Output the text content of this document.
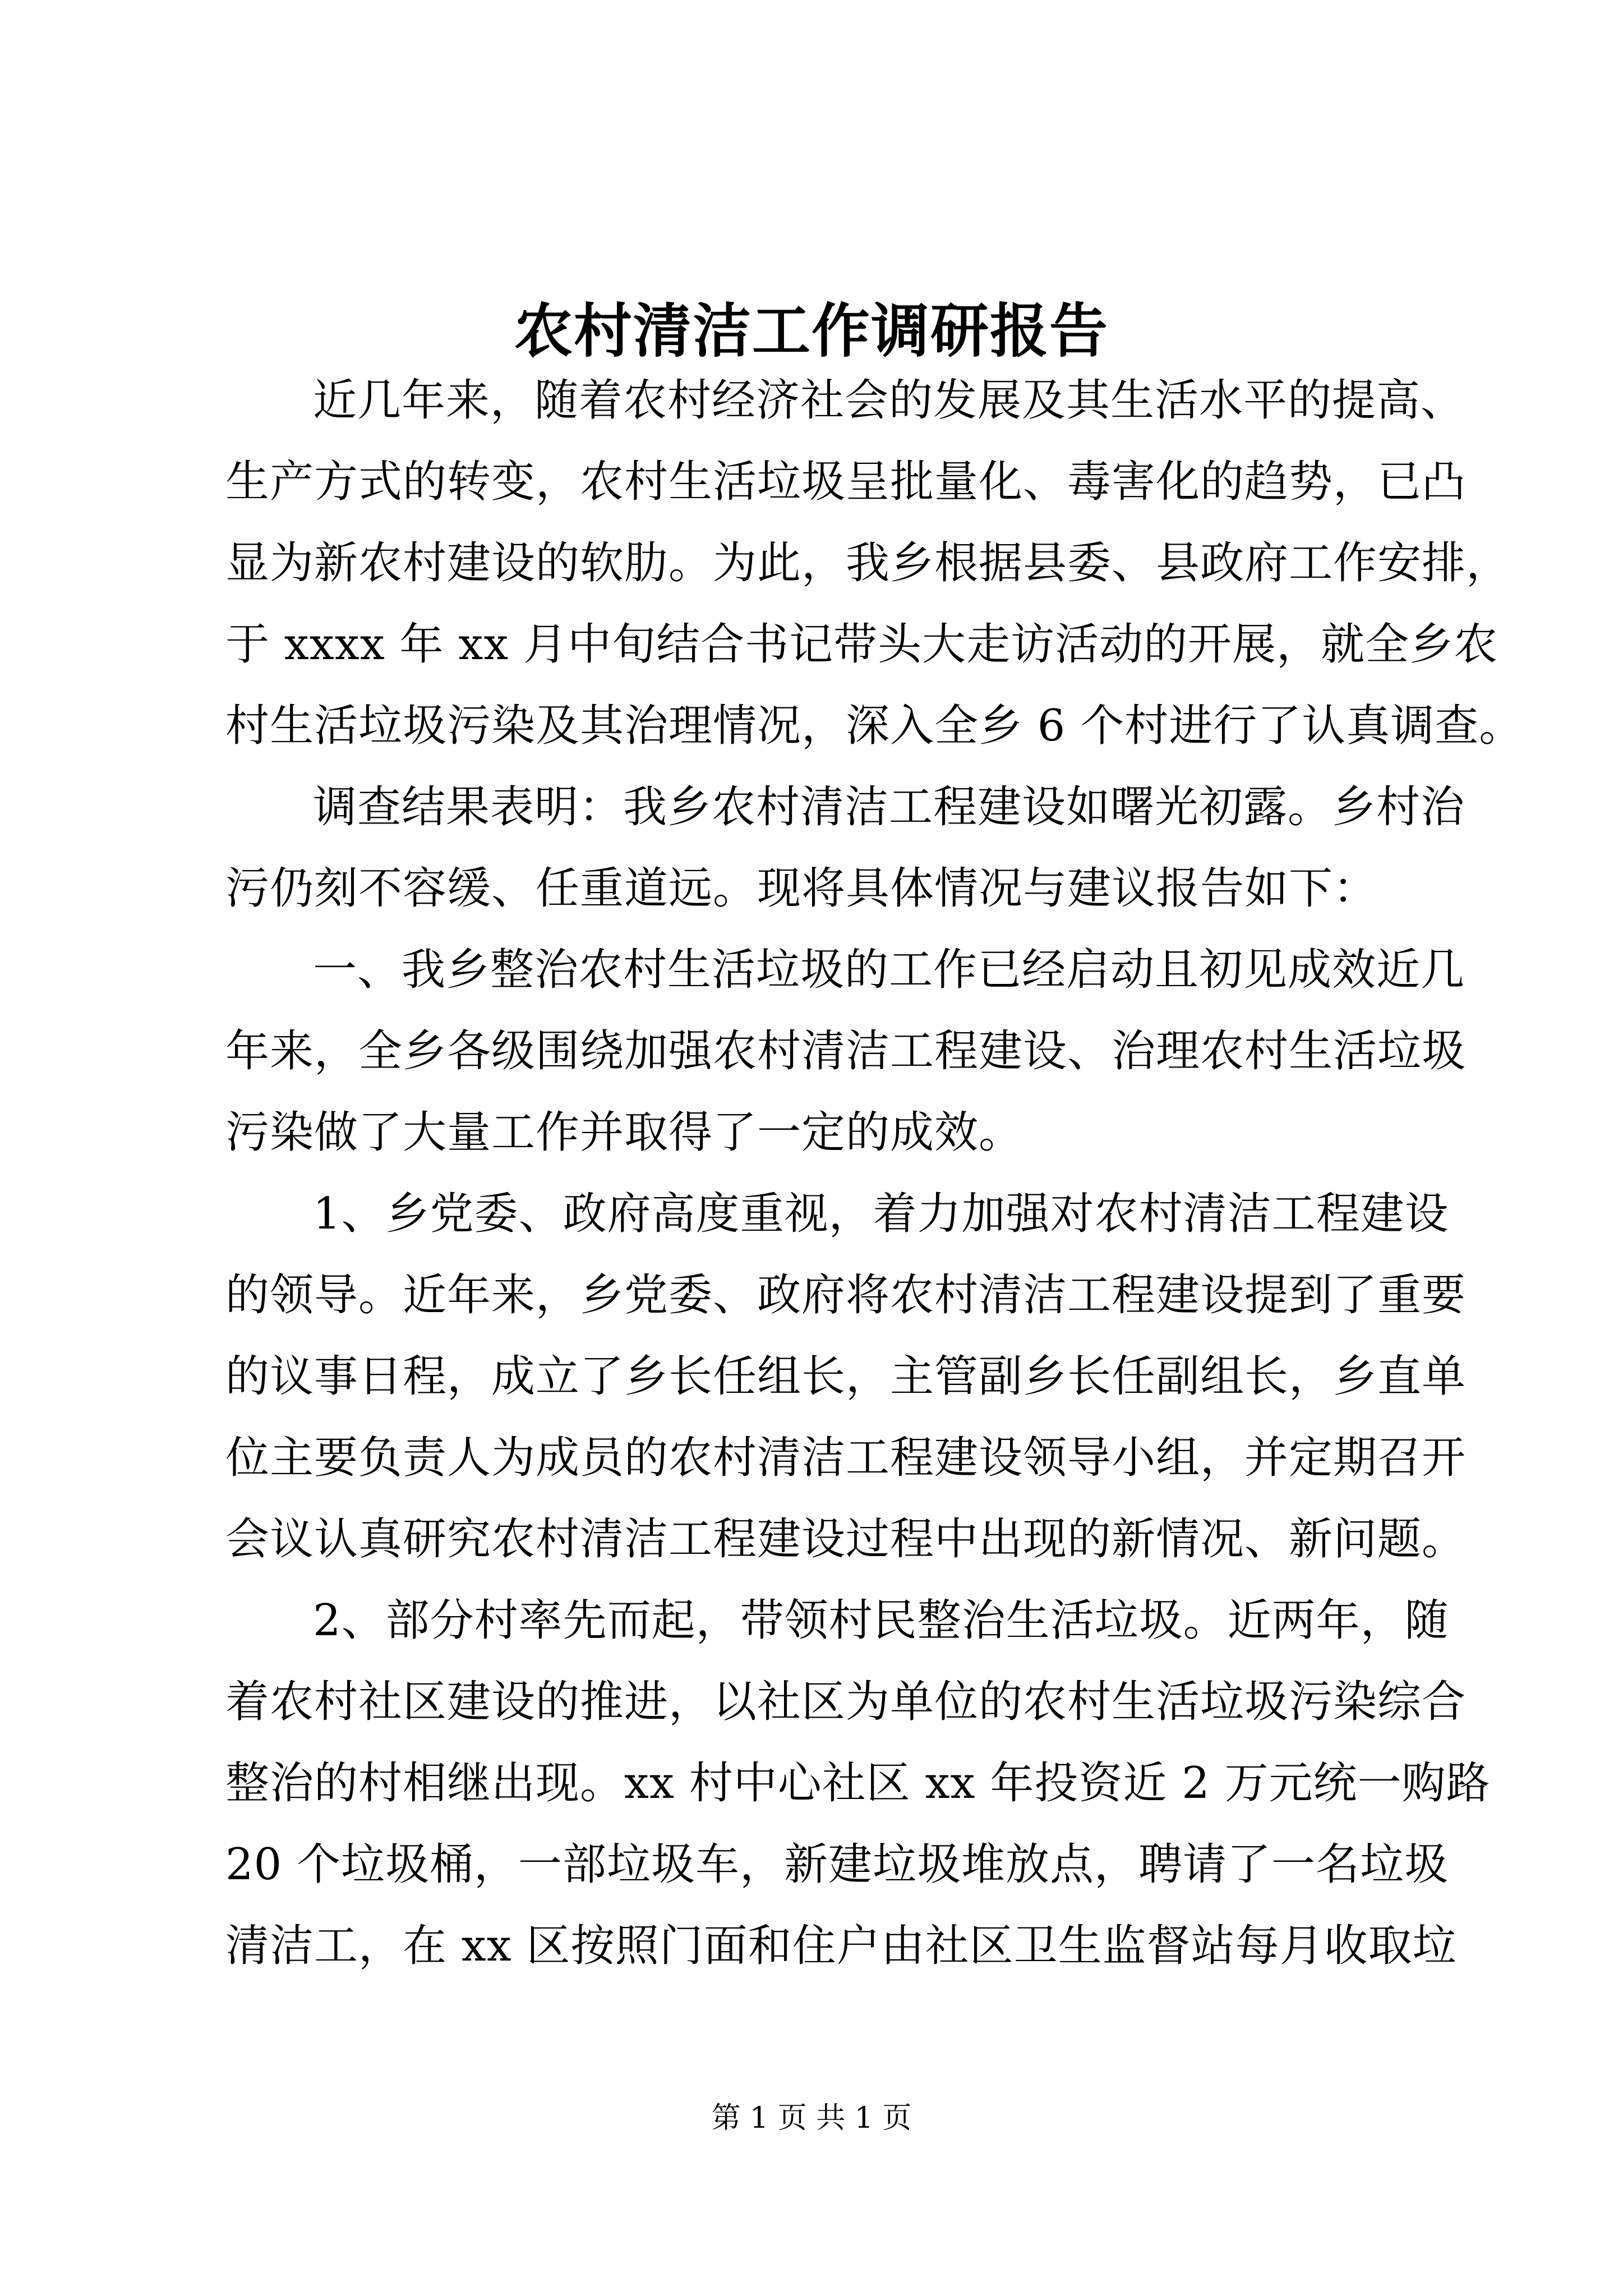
农村清洁工作调研报告
近几年来，随着农村经济社会的发展及其生活水平的提高、
生产方式的转变，农村生活垃圾呈批量化、毒害化的趋势，已凸
显为新农村建设的软肋。为此，我乡根据县委、县政府工作安排，
于 xxxx 年 xx 月中旬结合书记带头大走访活动的开展，就全乡农
村生活垃圾污染及其治理情况，深入全乡 6 个村进行了认真调查。
调查结果表明：我乡农村清洁工程建设如曙光初露。乡村治
污仍刻不容缓、任重道远。现将具体情况与建议报告如下：
一、我乡整治农村生活垃圾的工作已经启动且初见成效近几
年来，全乡各级围绕加强农村清洁工程建设、治理农村生活垃圾
污染做了大量工作并取得了一定的成效。
1、乡党委、政府高度重视，着力加强对农村清洁工程建设
的领导。近年来，乡党委、政府将农村清洁工程建设提到了重要
的议事日程，成立了乡长任组长，主管副乡长任副组长，乡直单
位主要负责人为成员的农村清洁工程建设领导小组，并定期召开
会议认真研究农村清洁工程建设过程中出现的新情况、新问题。
2、部分村率先而起，带领村民整治生活垃圾。近两年，随
着农村社区建设的推进，以社区为单位的农村生活垃圾污染综合
整治的村相继出现。xx 村中心社区 xx 年投资近 2 万元统一购路
20 个垃圾桶，一部垃圾车，新建垃圾堆放点，聘请了一名垃圾
清洁工，在 xx 区按照门面和住户由社区卫生监督站每月收取垃
第 1 页 共 1 页
